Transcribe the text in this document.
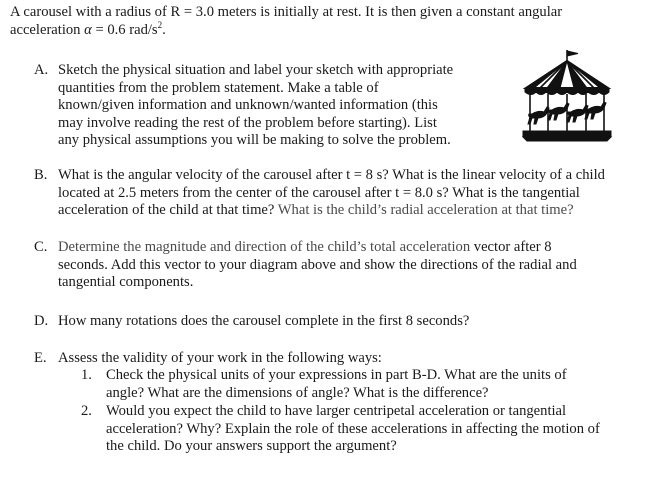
A carousel with a radius of R = 3.0 meters is initially at rest. It is then given a constant angular
acceleration α = 0.6 rad/$s^2$.
A. Sketch the physical situation and label your sketch with appropriate
quantities from the problem statement. Make a table of
known/given information and unknown/wanted information (this
may involve reading the rest of the problem before starting). List
any physical assumptions you will be making to solve the problem.
B. What is the angular velocity of the carousel after t = 8 s? What is the linear velocity of a child
located at 2.5 meters from the center of the carousel after t = 8.0 s? What is the tangential
acceleration of the child at that time? What is the child’s radial acceleration at that time?
C. Determine the magnitude and direction of the child’s total acceleration vector after 8
seconds. Add this vector to your diagram above and show the directions of the radial and
tangential components.
D. How many rotations does the carousel complete in the first 8 seconds?
E. Assess the validity of your work in the following ways:
1. Check the physical units of your expressions in part B-D. What are the units of
angle? What are the dimensions of angle? What is the difference?
2. Would you expect the child to have larger centripetal acceleration or tangential
acceleration? Why? Explain the role of these accelerations in affecting the motion of
the child. Do your answers support the argument?
